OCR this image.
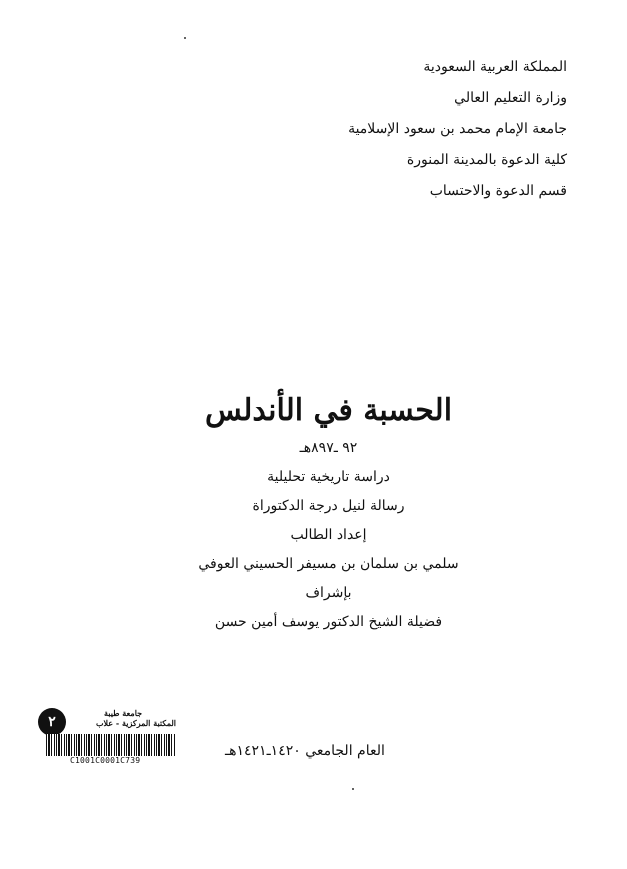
المملكة العربية السعودية
وزارة التعليم العالي
جامعة الإمام محمد بن سعود الإسلامية
كلية الدعوة بالمدينة المنورة
قسم الدعوة والاحتساب
الحسبة في الأندلس
٩٢ ـ٨٩٧هـ
دراسة تاريخية تحليلية
رسالة لنيل درجة الدكتوراة
إعداد الطالب
سلمي بن سلمان بن مسيفر الحسيني العوفي
بإشراف
فضيلة الشيخ الدكتور يوسف أمين حسن
العام الجامعي ١٤٢٠ـ١٤٢١هـ
٢
جامعة طيبة
المكتبة المركزية - علاب
C1001C0001C739
